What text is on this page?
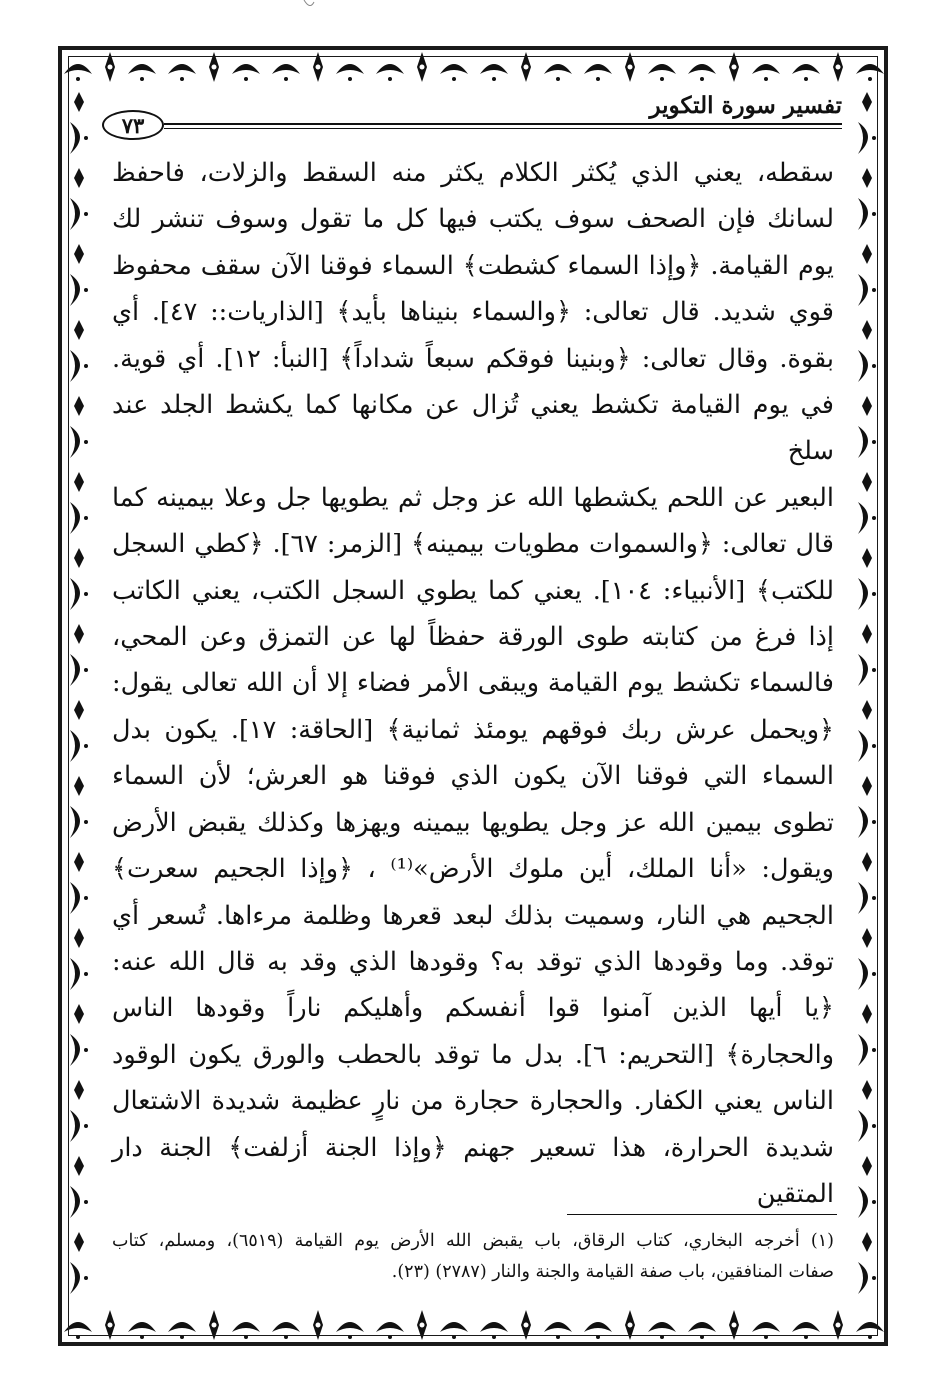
٧٣
تفسير سورة التكوير

سقطه، يعني الذي يُكثر الكلام يكثر منه السقط والزلات، فاحفظ

لسانك فإن الصحف سوف يكتب فيها كل ما تقول وسوف تنشر لك

يوم القيامة. ﴿وإذا السماء كشطت﴾ السماء فوقنا الآن سقف محفوظ

قوي شديد. قال تعالى: ﴿والسماء بنيناها بأيد﴾ [الذاريات:: ٤٧]. أي

بقوة. وقال تعالى: ﴿وبنينا فوقكم سبعاً شداداً﴾ [النبأ: ١٢]. أي قوية.

في يوم القيامة تكشط يعني تُزال عن مكانها كما يكشط الجلد عند سلخ

البعير عن اللحم يكشطها الله عز وجل ثم يطويها جل وعلا بيمينه كما

قال تعالى: ﴿والسموات مطويات بيمينه﴾ [الزمر: ٦٧]. ﴿كطي السجل

للكتب﴾ [الأنبياء: ١٠٤]. يعني كما يطوي السجل الكتب، يعني الكاتب

إذا فرغ من كتابته طوى الورقة حفظاً لها عن التمزق وعن المحي،

فالسماء تكشط يوم القيامة ويبقى الأمر فضاء إلا أن الله تعالى يقول:

﴿ويحمل عرش ربك فوقهم يومئذ ثمانية﴾ [الحاقة: ١٧]. يكون بدل

السماء التي فوقنا الآن يكون الذي فوقنا هو العرش؛ لأن السماء

تطوى بيمين الله عز وجل يطويها بيمينه ويهزها وكذلك يقبض الأرض

ويقول: «أنا الملك، أين ملوك الأرض»⁽¹⁾ ، ﴿وإذا الجحيم سعرت﴾

الجحيم هي النار، وسميت بذلك لبعد قعرها وظلمة مرءاها. تُسعر أي

توقد. وما وقودها الذي توقد به؟ وقودها الذي وقد به قال الله عنه:

﴿يا أيها الذين آمنوا قوا أنفسكم وأهليكم ناراً وقودها الناس

والحجارة﴾ [التحريم: ٦]. بدل ما توقد بالحطب والورق يكون الوقود

الناس يعني الكفار. والحجارة حجارة من نارٍ عظيمة شديدة الاشتعال

شديدة الحرارة، هذا تسعير جهنم ﴿وإذا الجنة أزلفت﴾ الجنة دار المتقين

(١) أخرجه البخاري، كتاب الرقاق، باب يقبض الله الأرض يوم القيامة (٦٥١٩)، ومسلم، كتاب

صفات المنافقين، باب صفة القيامة والجنة والنار (٢٧٨٧) (٢٣).
